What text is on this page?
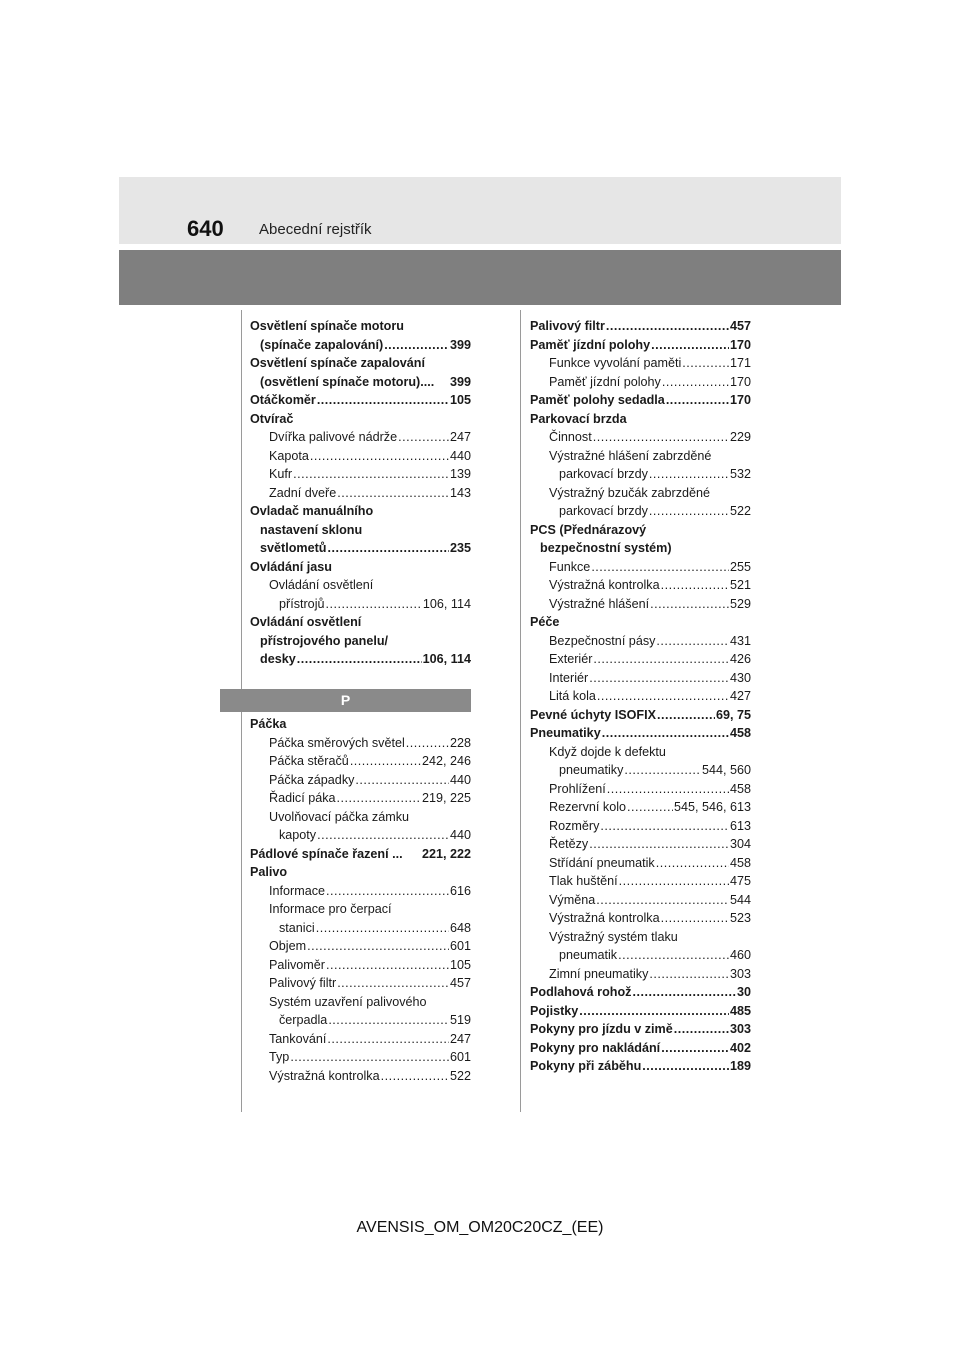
640 Abecední rejstřík
Osvětlení spínače motoru
(spínače zapalování) .....	399
Osvětlení spínače zapalování
(osvětlení spínače motoru).... 399
Otáčkoměr .....	105
Otvírač
Dvířka palivové nádrže .....	247
Kapota .....	440
Kufr .....	139
Zadní dveře .....	143
Ovladač manuálního
nastavení sklonu
světlometů .....	235
Ovládání jasu
Ovládání osvětlení
přístrojů .....	106, 114
Ovládání osvětlení
přístrojového panelu/
desky .....	106, 114
P
Páčka
Páčka směrových světel .....	228
Páčka stěračů .....	242, 246
Páčka západky .....	440
Řadicí páka .....	219, 225
Uvolňovací páčka zámku
kapoty .....	440
Pádlové spínače řazení ... 221, 222
Palivo
Informace .....	616
Informace pro čerpací
stanici .....	648
Objem .....	601
Palivoměr .....	105
Palivový filtr .....	457
Systém uzavření palivového
čerpadla .....	519
Tankování .....	247
Typ .....	601
Výstražná kontrolka .....	522
Palivový filtr .....	457
Paměť jízdní polohy .....	170
Funkce vyvolání paměti .....	171
Paměť jízdní polohy .....	170
Paměť polohy sedadla .....	170
Parkovací brzda
Činnost .....	229
Výstražné hlášení zabrzděné
parkovací brzdy .....	532
Výstražný bzučák zabrzděné
parkovací brzdy .....	522
PCS (Přednárazový
bezpečnostní systém)
Funkce .....	255
Výstražná kontrolka .....	521
Výstražné hlášení .....	529
Péče
Bezpečnostní pásy .....	431
Exteriér .....	426
Interiér .....	430
Litá kola .....	427
Pevné úchyty ISOFIX .....	69, 75
Pneumatiky .....	458
Když dojde k defektu
pneumatiky .....	544, 560
Prohlížení .....	458
Rezervní kolo .....	545, 546, 613
Rozměry .....	613
Řetězy .....	304
Střídání pneumatik .....	458
Tlak huštění .....	475
Výměna .....	544
Výstražná kontrolka .....	523
Výstražný systém tlaku
pneumatik .....	460
Zimní pneumatiky .....	303
Podlahová rohož .....	30
Pojistky .....	485
Pokyny pro jízdu v zimě .....	303
Pokyny pro nakládání .....	402
Pokyny při záběhu .....	189
AVENSIS_OM_OM20C20CZ_(EE)
